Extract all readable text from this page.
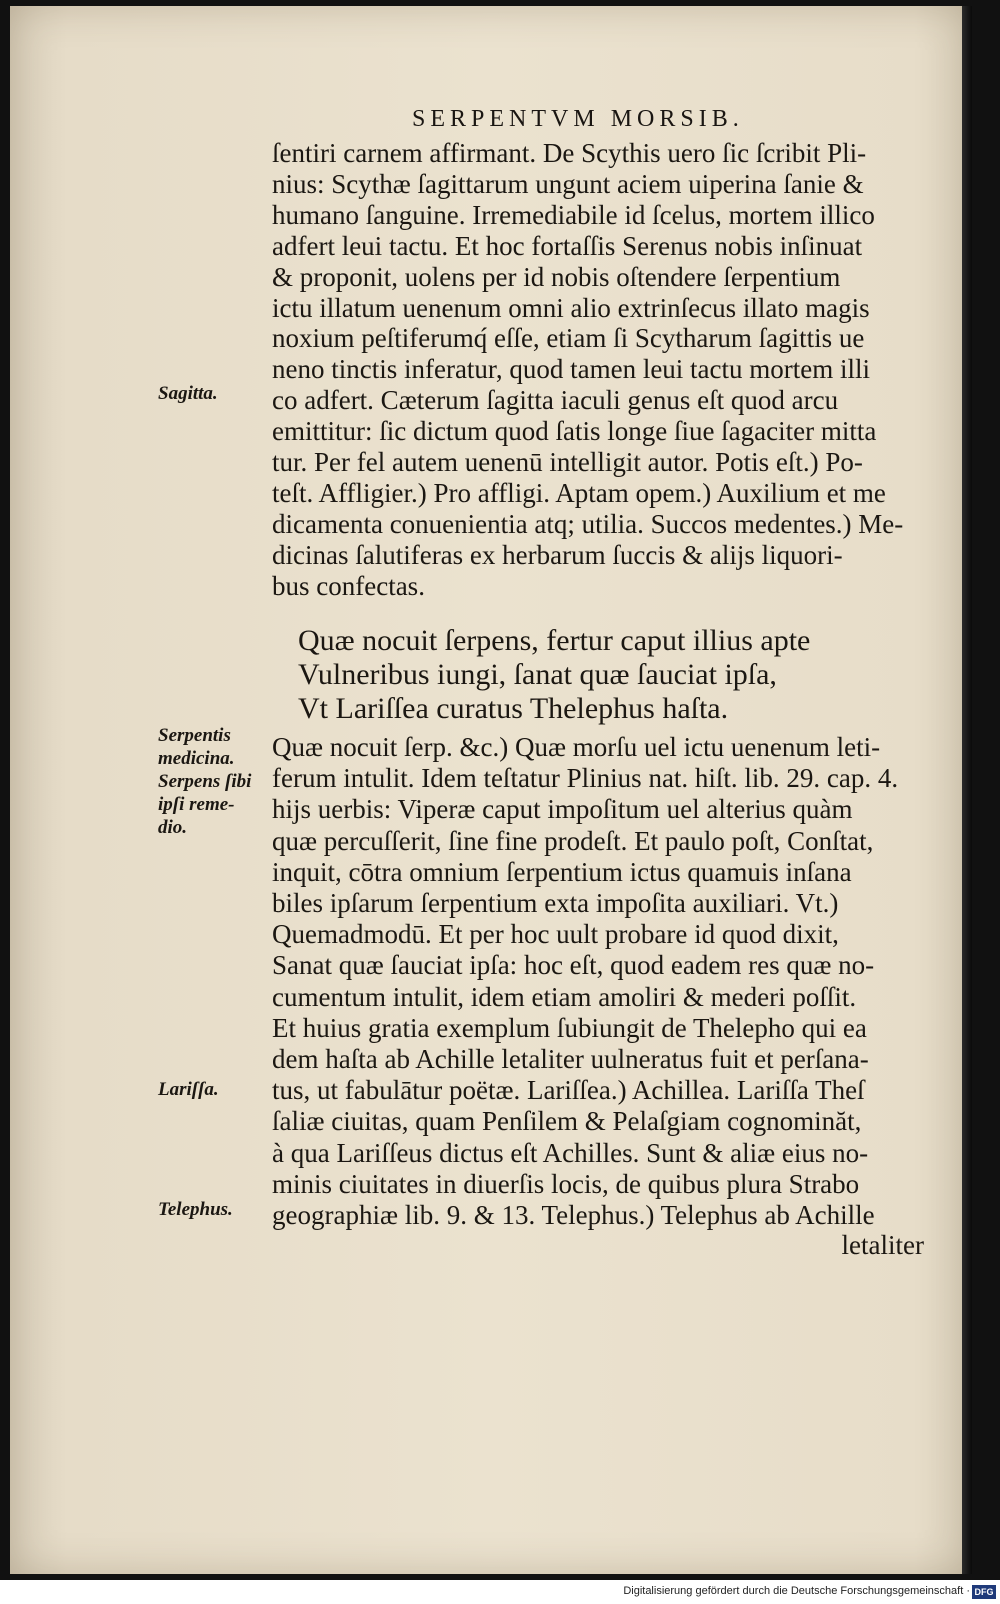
SERPENTVM MORSIB.
ſentiri carnem affirmant. De Scythis uero ſic ſcribit Pli-
nius: Scythæ ſagittarum ungunt aciem uiperina ſanie &
humano ſanguine. Irremediabile id ſcelus, mortem illico
adfert leui tactu. Et hoc fortaſſis Serenus nobis inſinuat
& proponit, uolens per id nobis oſtendere ſerpentium
ictu illatum uenenum omni alio extrinſecus illato magis
noxium peſtiferumq́ eſſe, etiam ſi Scytharum ſagittis ue
neno tinctis inferatur, quod tamen leui tactu mortem illi
co adfert. Cæterum ſagitta iaculi genus eſt quod arcu
emittitur: ſic dictum quod ſatis longe ſiue ſagaciter mitta
tur. Per fel autem uenenū intelligit autor. Potis eſt.) Po-
teſt. Affligier.) Pro affligi. Aptam opem.) Auxilium et me
dicamenta conuenientia atq; utilia. Succos medentes.) Me-
dicinas ſalutiferas ex herbarum ſuccis & alijs liquori-
bus confectas.
Quæ nocuit ſerpens, fertur caput illius apte
Vulneribus iungi, ſanat quæ ſauciat ipſa,
Vt Lariſſea curatus Thelephus haſta.
Quæ nocuit ſerp. &c.) Quæ morſu uel ictu uenenum leti-
ferum intulit. Idem teſtatur Plinius nat. hiſt. lib. 29. cap. 4.
hijs uerbis: Viperæ caput impoſitum uel alterius quàm
quæ percuſſerit, ſine fine prodeſt. Et paulo poſt, Conſtat,
inquit, cōtra omnium ſerpentium ictus quamuis inſana
biles ipſarum ſerpentium exta impoſita auxiliari. Vt.)
Quemadmodū. Et per hoc uult probare id quod dixit,
Sanat quæ ſauciat ipſa: hoc eſt, quod eadem res quæ no-
cumentum intulit, idem etiam amoliri & mederi poſſit.
Et huius gratia exemplum ſubiungit de Thelepho qui ea
dem haſta ab Achille letaliter uulneratus fuit et perſana-
tus, ut fabulātur poëtæ. Lariſſea.) Achillea. Lariſſa Theſ
ſaliæ ciuitas, quam Penſilem & Pelaſgiam cognominăt,
à qua Lariſſeus dictus eſt Achilles. Sunt & aliæ eius no-
minis ciuitates in diuerſis locis, de quibus plura Strabo
geographiæ lib. 9. & 13. Telephus.) Telephus ab Achille
letaliter
Sagitta.
Serpentis
medicina.
Serpens ſibi
ipſi reme-
dio.
Lariſſa.
Telephus.
Digitalisierung gefördert durch die Deutsche Forschungsgemeinschaft · DFG
